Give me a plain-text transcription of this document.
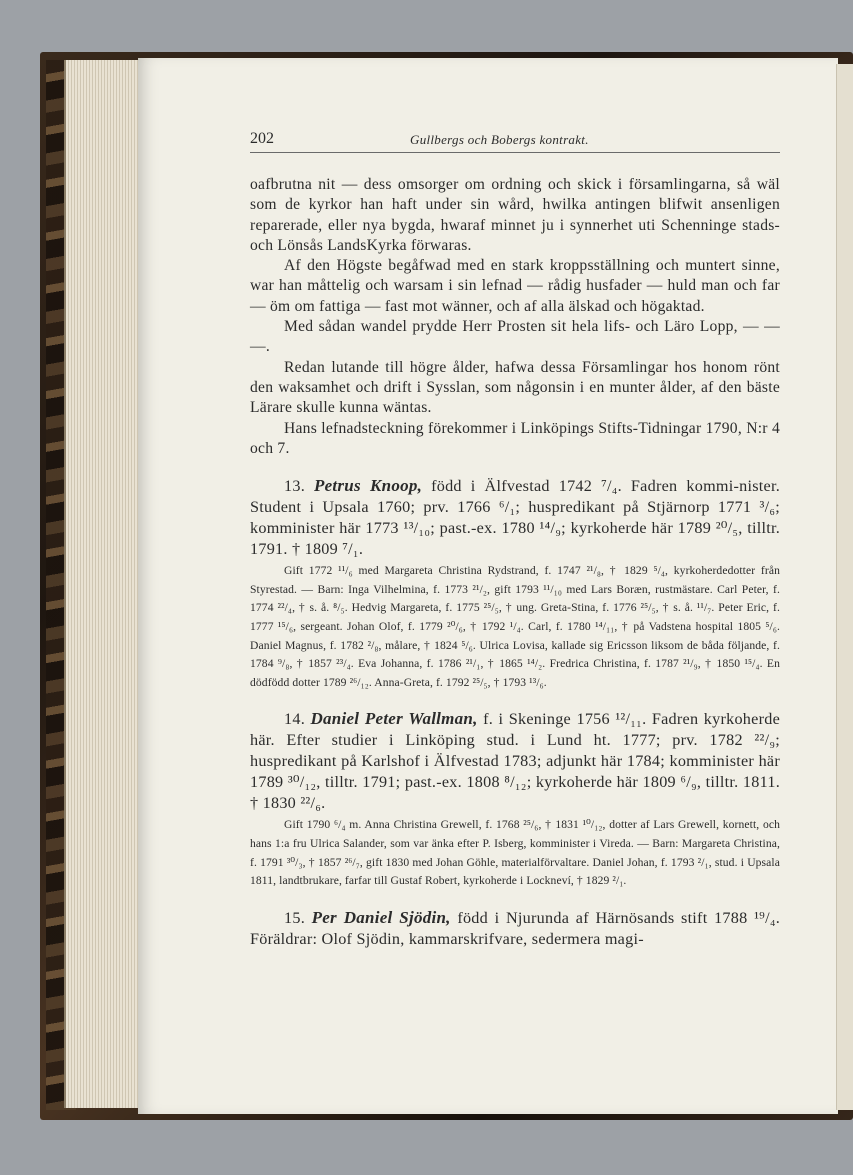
202	Gullbergs och Bobergs kontrakt.

oafbrutna nit — dess omsorger om ordning och skick i församlingarna, så wäl som de kyrkor han haft under sin wård, hwilka antingen blifwit ansenligen reparerade, eller nya bygda, hwaraf minnet ju i synnerhet uti Schenninge stads- och Lönsås LandsKyrka förwaras.

Af den Högste begåfwad med en stark kroppsställning och muntert sinne, war han måttelig och warsam i sin lefnad — rådig husfader — huld man och far — öm om fattiga — fast mot wänner, och af alla älskad och högaktad.

Med sådan wandel prydde Herr Prosten sit hela lifs- och Läro Lopp, — — —.

Redan lutande till högre ålder, hafwa dessa Församlingar hos honom rönt den waksamhet och drift i Sysslan, som någonsin i en munter ålder, af den bäste Lärare skulle kunna wäntas.

Hans lefnadsteckning förekommer i Linköpings Stifts-Tidningar 1790, N:r 4 och 7.

13. Petrus Knoop, född i Älfvestad 1742 ⁷/₄. Fadren kommi-nister. Student i Upsala 1760; prv. 1766 ⁶/₁; huspredikant på Stjärnorp 1771 ³/₆; komminister här 1773 ¹³/₁₀; past.-ex. 1780 ¹⁴/₉; kyrkoherde här 1789 ²⁰/₅, tilltr. 1791. † 1809 ⁷/₁.

Gift 1772 ¹¹/₆ med Margareta Christina Rydstrand, f. 1747 ²¹/₈, † 1829 ⁵/₄, kyrkoherdedotter från Styrestad. — Barn: Inga Vilhelmina, f. 1773 ²¹/₂, gift 1793 ¹¹/₁₀ med Lars Boræn, rustmästare. Carl Peter, f. 1774 ²²/₄, † s. å. ⁸/₅. Hedvig Margareta, f. 1775 ²⁵/₅, † ung. Greta-Stina, f. 1776 ²⁵/₅, † s. å. ¹¹/₇. Peter Eric, f. 1777 ¹⁵/₆, sergeant. Johan Olof, f. 1779 ²⁰/₆, † 1792 ¹/₄. Carl, f. 1780 ¹⁴/₁₁, † på Vadstena hospital 1805 ⁵/₆. Daniel Magnus, f. 1782 ²/₈, målare, † 1824 ⁵/₆. Ulrica Lovisa, kallade sig Ericsson liksom de båda följande, f. 1784 ⁹/₈, † 1857 ²³/₄. Eva Johanna, f. 1786 ²¹/₁, † 1865 ¹⁴/₂. Fredrica Christina, f. 1787 ²¹/₉, † 1850 ¹⁵/₄. En dödfödd dotter 1789 ²⁶/₁₂. Anna-Greta, f. 1792 ²⁵/₅, † 1793 ¹³/₆.

14. Daniel Peter Wallman, f. i Skeninge 1756 ¹²/₁₁. Fadren kyrkoherde här. Efter studier i Linköping stud. i Lund ht. 1777; prv. 1782 ²²/₉; huspredikant på Karlshof i Älfvestad 1783; adjunkt här 1784; komminister här 1789 ³⁰/₁₂, tilltr. 1791; past.-ex. 1808 ⁸/₁₂; kyrkoherde här 1809 ⁶/₉, tilltr. 1811. † 1830 ²²/₆.

Gift 1790 ⁶/₄ m. Anna Christina Grewell, f. 1768 ²⁵/₆, † 1831 ¹⁰/₁₂, dotter af Lars Grewell, kornett, och hans 1:a fru Ulrica Salander, som var änka efter P. Isberg, komminister i Vireda. — Barn: Margareta Christina, f. 1791 ³⁰/₃, † 1857 ²⁶/₇, gift 1830 med Johan Göhle, materialförvaltare. Daniel Johan, f. 1793 ²/₁, stud. i Upsala 1811, landtbrukare, farfar till Gustaf Robert, kyrkoherde i Lockneví, † 1829 ²/₁.

15. Per Daniel Sjödin, född i Njurunda af Härnösands stift 1788 ¹⁹/₄. Föräldrar: Olof Sjödin, kammarskrifvare, sedermera magi-
